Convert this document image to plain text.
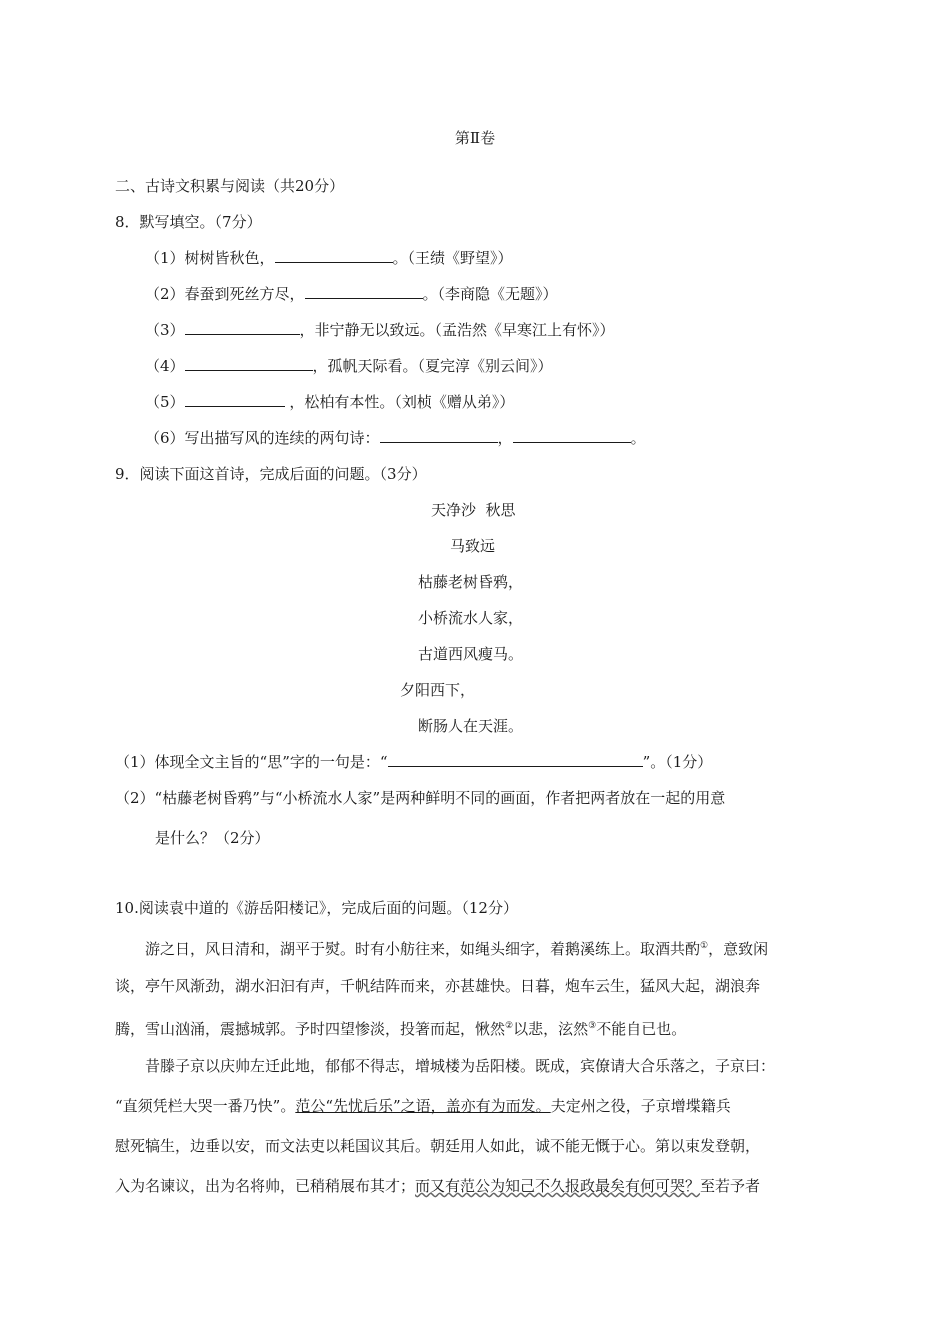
第Ⅱ卷
二、古诗文积累与阅读（共20分）
8．默写填空。（7分）
（1）树树皆秋色，	。（王绩《野望》）
（2）春蚕到死丝方尽，	。（李商隐《无题》）
（3）	，非宁静无以致远。（孟浩然《早寒江上有怀》）
（4）	，孤帆天际看。（夏完淳《别云间》）
（5）	，松柏有本性。（刘桢《赠从弟》）
（6）写出描写风的连续的两句诗：	，	。
9．阅读下面这首诗，完成后面的问题。（3分）
天净沙  秋思
马致远
枯藤老树昏鸦，
小桥流水人家，
古道西风瘦马。
夕阳西下，
断肠人在天涯。
（1）体现全文主旨的“思”字的一句是：“	”。（1分）
（2）“枯藤老树昏鸦”与“小桥流水人家”是两种鲜明不同的画面，作者把两者放在一起的用意
是什么？（2分）
10.阅读袁中道的《游岳阳楼记》，完成后面的问题。（12分）
游之日，风日清和，湖平于熨。时有小舫往来，如绳头细字，着鹅溪练上。取酒共酌①，意致闲
谈，亭午风渐劲，湖水汩汩有声，千帆结阵而来，亦甚雄快。日暮，炮车云生，猛风大起，湖浪奔
腾，雪山汹涌，震撼城郭。予时四望惨淡，投箸而起，愀然②以悲，泫然③不能自已也。
昔滕子京以庆帅左迁此地，郁郁不得志，增城楼为岳阳楼。既成，宾僚请大合乐落之，子京曰：
“直须凭栏大哭一番乃快”。范公“先忧后乐”之语，盖亦有为而发。夫定州之役，子京增堞籍兵
慰死犒生，边垂以安，而文法吏以耗国议其后。朝廷用人如此，诚不能无慨于心。第以束发登朝，
入为名谏议，出为名将帅，已稍稍展布其才；而又有范公为知己不久报政最矣有何可哭？至若予者
